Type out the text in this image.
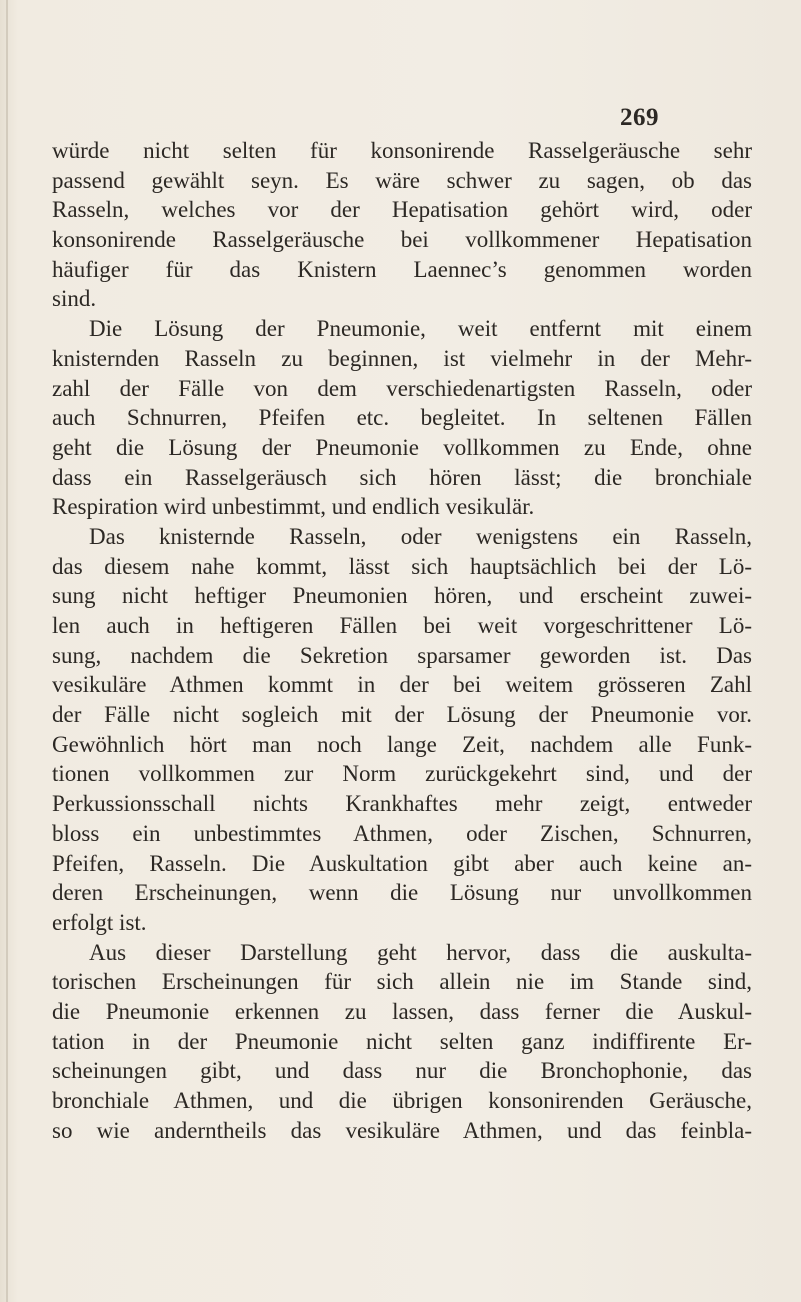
269
würde nicht selten für konsonirende Rasselgeräusche sehr
passend gewählt seyn. Es wäre schwer zu sagen, ob das
Rasseln, welches vor der Hepatisation gehört wird, oder
konsonirende Rasselgeräusche bei vollkommener Hepatisation
häufiger für das Knistern Laennec’s genommen worden
sind.
Die Lösung der Pneumonie, weit entfernt mit einem
knisternden Rasseln zu beginnen, ist vielmehr in der Mehr-
zahl der Fälle von dem verschiedenartigsten Rasseln, oder
auch Schnurren, Pfeifen etc. begleitet. In seltenen Fällen
geht die Lösung der Pneumonie vollkommen zu Ende, ohne
dass ein Rasselgeräusch sich hören lässt; die bronchiale
Respiration wird unbestimmt, und endlich vesikulär.
Das knisternde Rasseln, oder wenigstens ein Rasseln,
das diesem nahe kommt, lässt sich hauptsächlich bei der Lö-
sung nicht heftiger Pneumonien hören, und erscheint zuwei-
len auch in heftigeren Fällen bei weit vorgeschrittener Lö-
sung, nachdem die Sekretion sparsamer geworden ist. Das
vesikuläre Athmen kommt in der bei weitem grösseren Zahl
der Fälle nicht sogleich mit der Lösung der Pneumonie vor.
Gewöhnlich hört man noch lange Zeit, nachdem alle Funk-
tionen vollkommen zur Norm zurückgekehrt sind, und der
Perkussionsschall nichts Krankhaftes mehr zeigt, entweder
bloss ein unbestimmtes Athmen, oder Zischen, Schnurren,
Pfeifen, Rasseln. Die Auskultation gibt aber auch keine an-
deren Erscheinungen, wenn die Lösung nur unvollkommen
erfolgt ist.
Aus dieser Darstellung geht hervor, dass die auskulta-
torischen Erscheinungen für sich allein nie im Stande sind,
die Pneumonie erkennen zu lassen, dass ferner die Auskul-
tation in der Pneumonie nicht selten ganz indiffirente Er-
scheinungen gibt, und dass nur die Bronchophonie, das
bronchiale Athmen, und die übrigen konsonirenden Geräusche,
so wie anderntheils das vesikuläre Athmen, und das feinbla-
